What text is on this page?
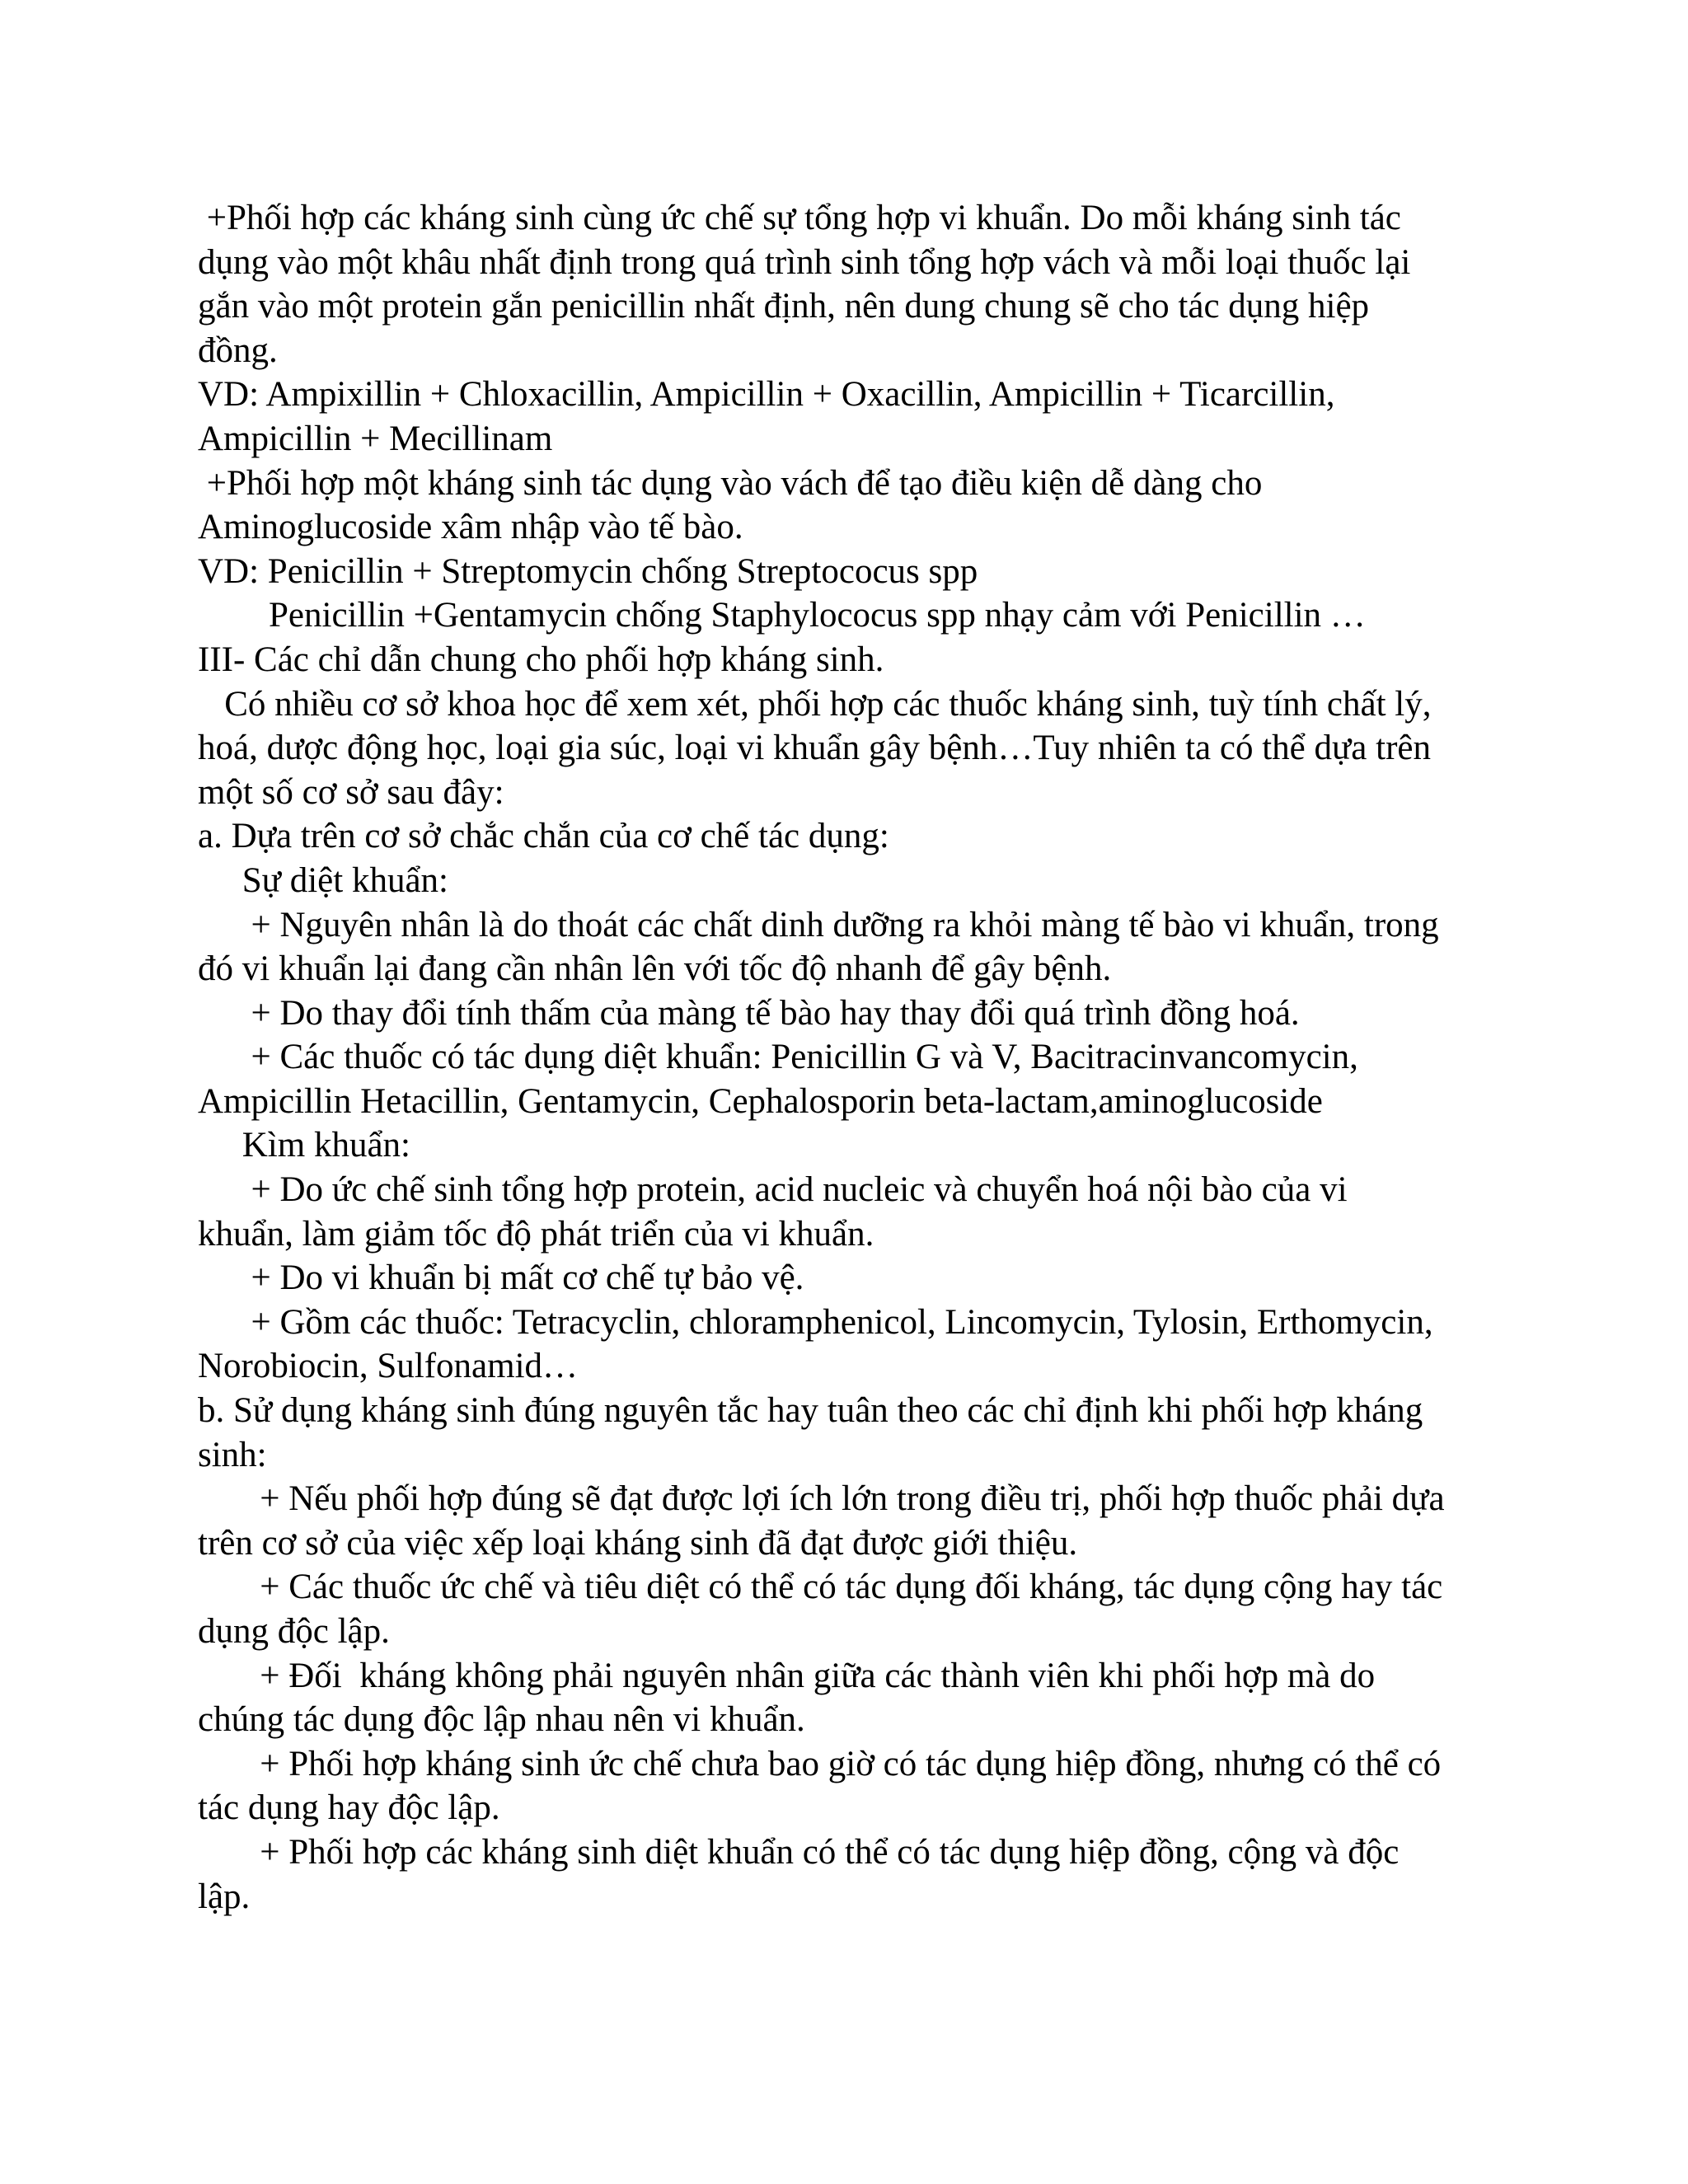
+Phối hợp các kháng sinh cùng ức chế sự tổng hợp vi khuẩn. Do mỗi kháng sinh tác
dụng vào một khâu nhất định trong quá trình sinh tổng hợp vách và mỗi loại thuốc lại
gắn vào một protein gắn penicillin nhất định, nên dung chung sẽ cho tác dụng hiệp
đồng.
VD: Ampixillin + Chloxacillin, Ampicillin + Oxacillin, Ampicillin + Ticarcillin,
Ampicillin + Mecillinam
+Phối hợp một kháng sinh tác dụng vào vách để tạo điều kiện dễ dàng cho
Aminoglucoside xâm nhập vào tế bào.
VD: Penicillin + Streptomycin chống Streptococus spp
Penicillin +Gentamycin chống Staphylococus spp nhạy cảm với Penicillin …
III- Các chỉ dẫn chung cho phối hợp kháng sinh.
Có nhiều cơ sở khoa học để xem xét, phối hợp các thuốc kháng sinh, tuỳ tính chất lý,
hoá, dược động học, loại gia súc, loại vi khuẩn gây bệnh…Tuy nhiên ta có thể dựa trên
một số cơ sở sau đây:
a. Dựa trên cơ sở chắc chắn của cơ chế tác dụng:
Sự diệt khuẩn:
+ Nguyên nhân là do thoát các chất dinh dưỡng ra khỏi màng tế bào vi khuẩn, trong
đó vi khuẩn lại đang cần nhân lên với tốc độ nhanh để gây bệnh.
+ Do thay đổi tính thấm của màng tế bào hay thay đổi quá trình đồng hoá.
+ Các thuốc có tác dụng diệt khuẩn: Penicillin G và V, Bacitracinvancomycin,
Ampicillin Hetacillin, Gentamycin, Cephalosporin beta-lactam,aminoglucoside
Kìm khuẩn:
+ Do ức chế sinh tổng hợp protein, acid nucleic và chuyển hoá nội bào của vi
khuẩn, làm giảm tốc độ phát triển của vi khuẩn.
+ Do vi khuẩn bị mất cơ chế tự bảo vệ.
+ Gồm các thuốc: Tetracyclin, chloramphenicol, Lincomycin, Tylosin, Erthomycin,
Norobiocin, Sulfonamid…
b. Sử dụng kháng sinh đúng nguyên tắc hay tuân theo các chỉ định khi phối hợp kháng
sinh:
+ Nếu phối hợp đúng sẽ đạt được lợi ích lớn trong điều trị, phối hợp thuốc phải dựa
trên cơ sở của việc xếp loại kháng sinh đã đạt được giới thiệu.
+ Các thuốc ức chế và tiêu diệt có thể có tác dụng đối kháng, tác dụng cộng hay tác
dụng độc lập.
+ Đối  kháng không phải nguyên nhân giữa các thành viên khi phối hợp mà do
chúng tác dụng độc lập nhau nên vi khuẩn.
+ Phối hợp kháng sinh ức chế chưa bao giờ có tác dụng hiệp đồng, nhưng có thể có
tác dụng hay độc lập.
+ Phối hợp các kháng sinh diệt khuẩn có thể có tác dụng hiệp đồng, cộng và độc
lập.
